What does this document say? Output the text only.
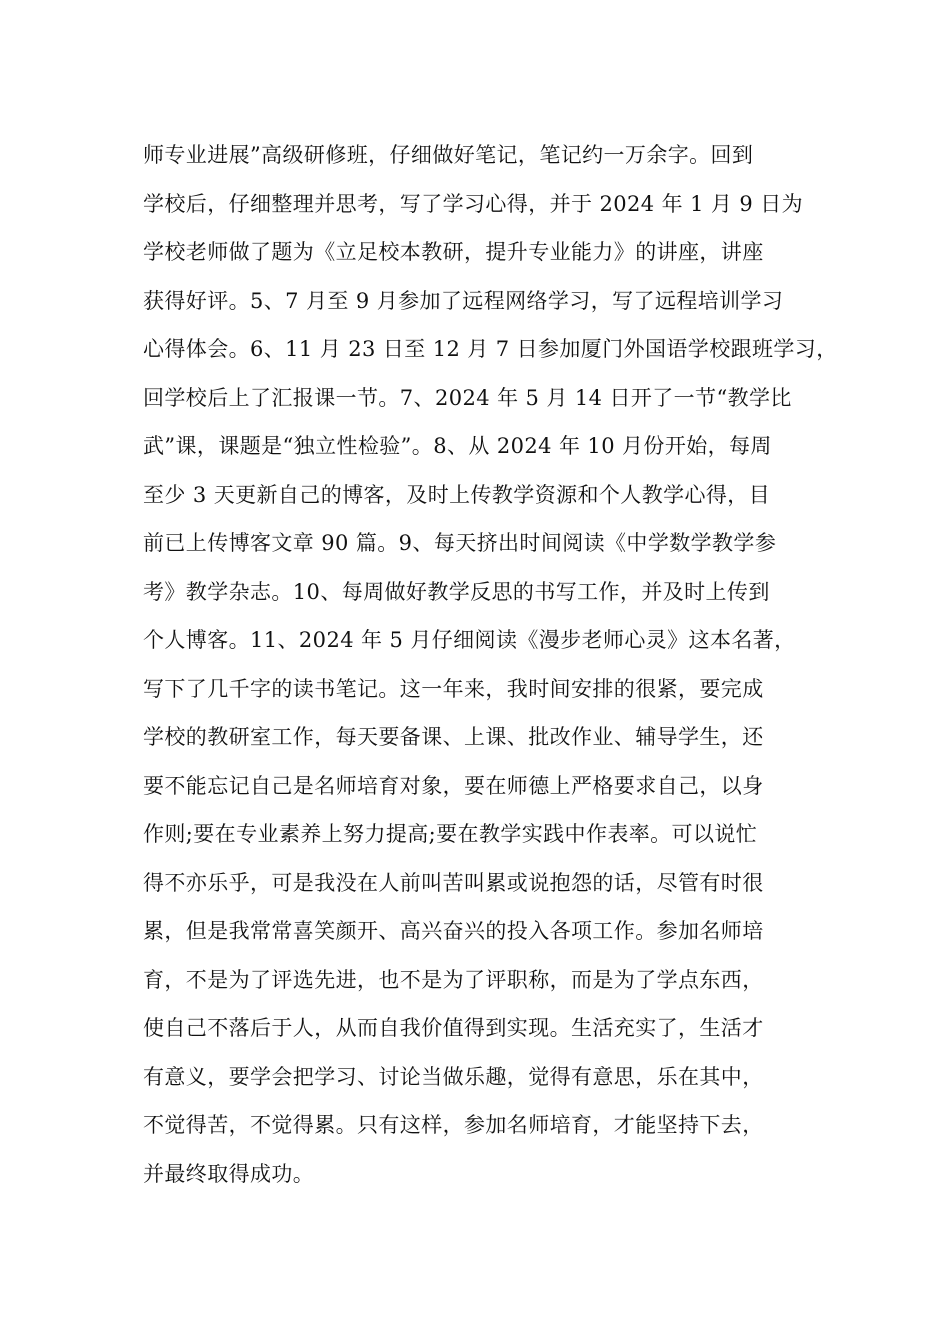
师专业进展”高级研修班，仔细做好笔记，笔记约一万余字。回到
学校后，仔细整理并思考，写了学习心得，并于 2024 年 1 月 9 日为
学校老师做了题为《立足校本教研，提升专业能力》的讲座，讲座
获得好评。5、7 月至 9 月参加了远程网络学习，写了远程培训学习
心得体会。6、11 月 23 日至 12 月 7 日参加厦门外国语学校跟班学习，
回学校后上了汇报课一节。7、2024 年 5 月 14 日开了一节“教学比
武”课，课题是“独立性检验”。8、从 2024 年 10 月份开始，每周
至少 3 天更新自己的博客，及时上传教学资源和个人教学心得，目
前已上传博客文章 90 篇。9、每天挤出时间阅读《中学数学教学参
考》教学杂志。10、每周做好教学反思的书写工作，并及时上传到
个人博客。11、2024 年 5 月仔细阅读《漫步老师心灵》这本名著，
写下了几千字的读书笔记。这一年来，我时间安排的很紧，要完成
学校的教研室工作，每天要备课、上课、批改作业、辅导学生，还
要不能忘记自己是名师培育对象，要在师德上严格要求自己，以身
作则;要在专业素养上努力提高;要在教学实践中作表率。可以说忙
得不亦乐乎，可是我没在人前叫苦叫累或说抱怨的话，尽管有时很
累，但是我常常喜笑颜开、高兴奋兴的投入各项工作。参加名师培
育，不是为了评选先进，也不是为了评职称，而是为了学点东西，
使自己不落后于人，从而自我价值得到实现。生活充实了，生活才
有意义，要学会把学习、讨论当做乐趣，觉得有意思，乐在其中，
不觉得苦，不觉得累。只有这样，参加名师培育，才能坚持下去，
并最终取得成功。
